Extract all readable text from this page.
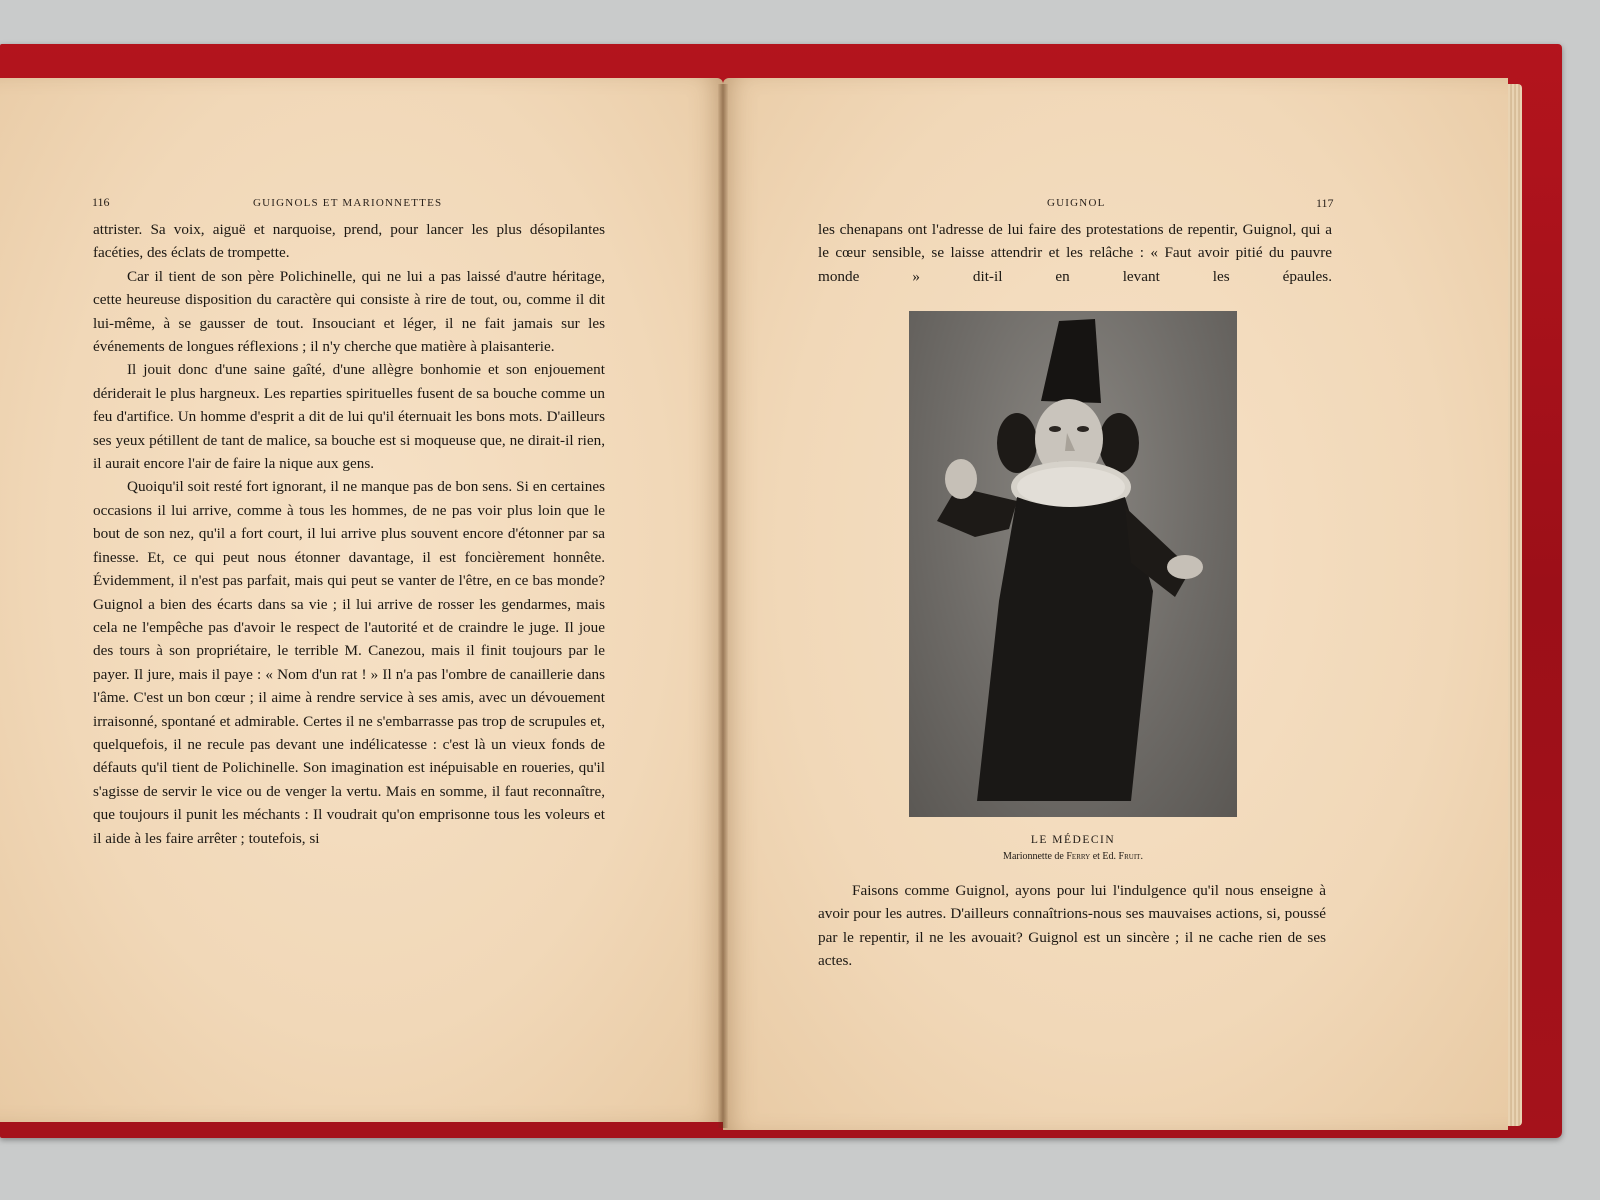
116	GUIGNOLS ET MARIONNETTES

attrister. Sa voix, aiguë et narquoise, prend, pour lancer les plus désopilantes facéties, des éclats de trompette.

Car il tient de son père Polichinelle, qui ne lui a pas laissé d'autre héritage, cette heureuse disposition du caractère qui consiste à rire de tout, ou, comme il dit lui-même, à se gausser de tout. Insouciant et léger, il ne fait jamais sur les événements de longues réflexions ; il n'y cherche que matière à plaisanterie.

Il jouit donc d'une saine gaîté, d'une allègre bonhomie et son enjouement dériderait le plus hargneux. Les reparties spirituelles fusent de sa bouche comme un feu d'artifice. Un homme d'esprit a dit de lui qu'il éternuait les bons mots. D'ailleurs ses yeux pétillent de tant de malice, sa bouche est si moqueuse que, ne dirait-il rien, il aurait encore l'air de faire la nique aux gens.

Quoiqu'il soit resté fort ignorant, il ne manque pas de bon sens. Si en certaines occasions il lui arrive, comme à tous les hommes, de ne pas voir plus loin que le bout de son nez, qu'il a fort court, il lui arrive plus souvent encore d'étonner par sa finesse. Et, ce qui peut nous étonner davantage, il est foncièrement honnête. Évidemment, il n'est pas parfait, mais qui peut se vanter de l'être, en ce bas monde? Guignol a bien des écarts dans sa vie ; il lui arrive de rosser les gendarmes, mais cela ne l'empêche pas d'avoir le respect de l'autorité et de craindre le juge. Il joue des tours à son propriétaire, le terrible M. Canezou, mais il finit toujours par le payer. Il jure, mais il paye : « Nom d'un rat ! » Il n'a pas l'ombre de canaillerie dans l'âme. C'est un bon cœur ; il aime à rendre service à ses amis, avec un dévouement irraisonné, spontané et admirable. Certes il ne s'embarrasse pas trop de scrupules et, quelquefois, il ne recule pas devant une indélicatesse : c'est là un vieux fonds de défauts qu'il tient de Polichinelle. Son imagination est inépuisable en roueries, qu'il s'agisse de servir le vice ou de venger la vertu. Mais en somme, il faut reconnaître, que toujours il punit les méchants : Il voudrait qu'on emprisonne tous les voleurs et il aide à les faire arrêter ; toutefois, si

GUIGNOL	117

les chenapans ont l'adresse de lui faire des protestations de repentir, Guignol, qui a le cœur sensible, se laisse attendrir et les relâche : « Faut avoir pitié du pauvre monde » dit-il en levant les épaules.

LE MÉDECIN
Marionnette de Ferry et Ed. Fruit.

Faisons comme Guignol, ayons pour lui l'indulgence qu'il nous enseigne à avoir pour les autres. D'ailleurs connaîtrions-nous ses mauvaises actions, si, poussé par le repentir, il ne les avouait? Guignol est un sincère ; il ne cache rien de ses actes.
